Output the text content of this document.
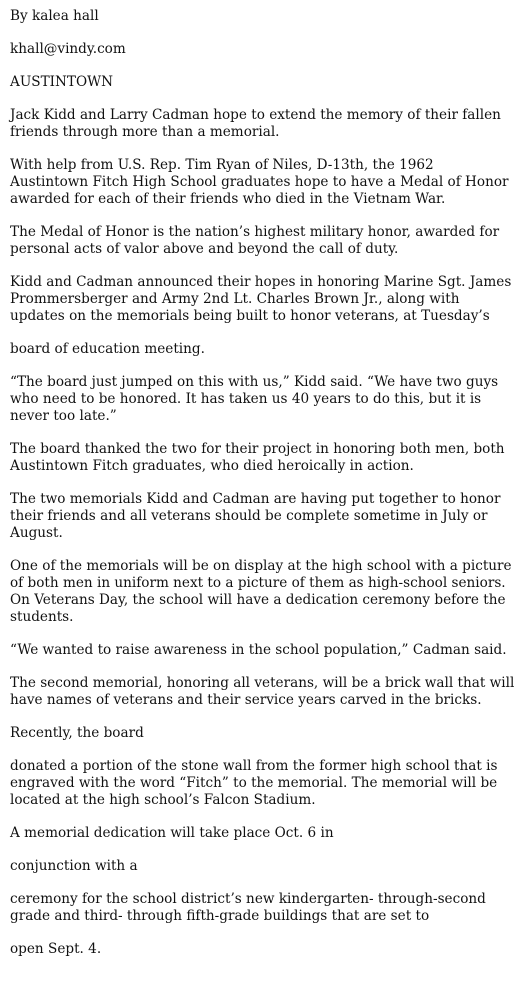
By kalea hall

khall@vindy.com

AUSTINTOWN

Jack Kidd and Larry Cadman hope to extend the memory of their fallen friends through more than a memorial.

With help from U.S. Rep. Tim Ryan of Niles, D-13th, the 1962 Austintown Fitch High School graduates hope to have a Medal of Honor awarded for each of their friends who died in the Vietnam War.

The Medal of Honor is the nation’s highest military honor, awarded for personal acts of valor above and beyond the call of duty.

Kidd and Cadman announced their hopes in honoring Marine Sgt. James Prommersberger and Army 2nd Lt. Charles Brown Jr., along with updates on the memorials being built to honor veterans, at Tuesday’s

board of education meeting.

“The board just jumped on this with us,” Kidd said. “We have two guys who need to be honored. It has taken us 40 years to do this, but it is never too late.”

The board thanked the two for their project in honoring both men, both Austintown Fitch graduates, who died heroically in action.

The two memorials Kidd and Cadman are having put together to honor their friends and all veterans should be complete sometime in July or August.

One of the memorials will be on display at the high school with a picture of both men in uniform next to a picture of them as high-school seniors. On Veterans Day, the school will have a dedication ceremony before the students.

“We wanted to raise awareness in the school population,” Cadman said.

The second memorial, honoring all veterans, will be a brick wall that will have names of veterans and their service years carved in the bricks.

Recently, the board

donated a portion of the stone wall from the former high school that is engraved with the word “Fitch” to the memorial. The memorial will be located at the high school’s Falcon Stadium.

A memorial dedication will take place Oct. 6 in

conjunction with a

ceremony for the school district’s new kindergarten- through-second grade and third- through fifth-grade buildings that are set to

open Sept. 4.
